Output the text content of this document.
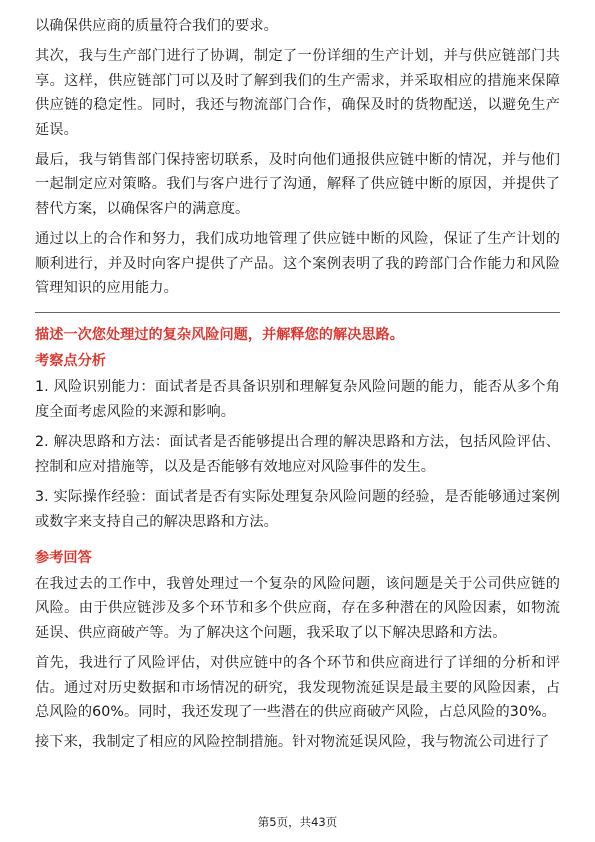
以确保供应商的质量符合我们的要求。

其次，我与生产部门进行了协调，制定了一份详细的生产计划，并与供应链部门共享。这样，供应链部门可以及时了解到我们的生产需求，并采取相应的措施来保障供应链的稳定性。同时，我还与物流部门合作，确保及时的货物配送，以避免生产延误。

最后，我与销售部门保持密切联系，及时向他们通报供应链中断的情况，并与他们一起制定应对策略。我们与客户进行了沟通，解释了供应链中断的原因，并提供了替代方案，以确保客户的满意度。

通过以上的合作和努力，我们成功地管理了供应链中断的风险，保证了生产计划的顺利进行，并及时向客户提供了产品。这个案例表明了我的跨部门合作能力和风险管理知识的应用能力。

描述一次您处理过的复杂风险问题，并解释您的解决思路。

考察点分析

1. 风险识别能力：面试者是否具备识别和理解复杂风险问题的能力，能否从多个角度全面考虑风险的来源和影响。

2. 解决思路和方法：面试者是否能够提出合理的解决思路和方法，包括风险评估、控制和应对措施等，以及是否能够有效地应对风险事件的发生。

3. 实际操作经验：面试者是否有实际处理复杂风险问题的经验，是否能够通过案例或数字来支持自己的解决思路和方法。

参考回答

在我过去的工作中，我曾处理过一个复杂的风险问题，该问题是关于公司供应链的风险。由于供应链涉及多个环节和多个供应商，存在多种潜在的风险因素，如物流延误、供应商破产等。为了解决这个问题，我采取了以下解决思路和方法。

首先，我进行了风险评估，对供应链中的各个环节和供应商进行了详细的分析和评估。通过对历史数据和市场情况的研究，我发现物流延误是最主要的风险因素，占总风险的60%。同时，我还发现了一些潜在的供应商破产风险，占总风险的30%。

接下来，我制定了相应的风险控制措施。针对物流延误风险，我与物流公司进行了

第5页，共43页
